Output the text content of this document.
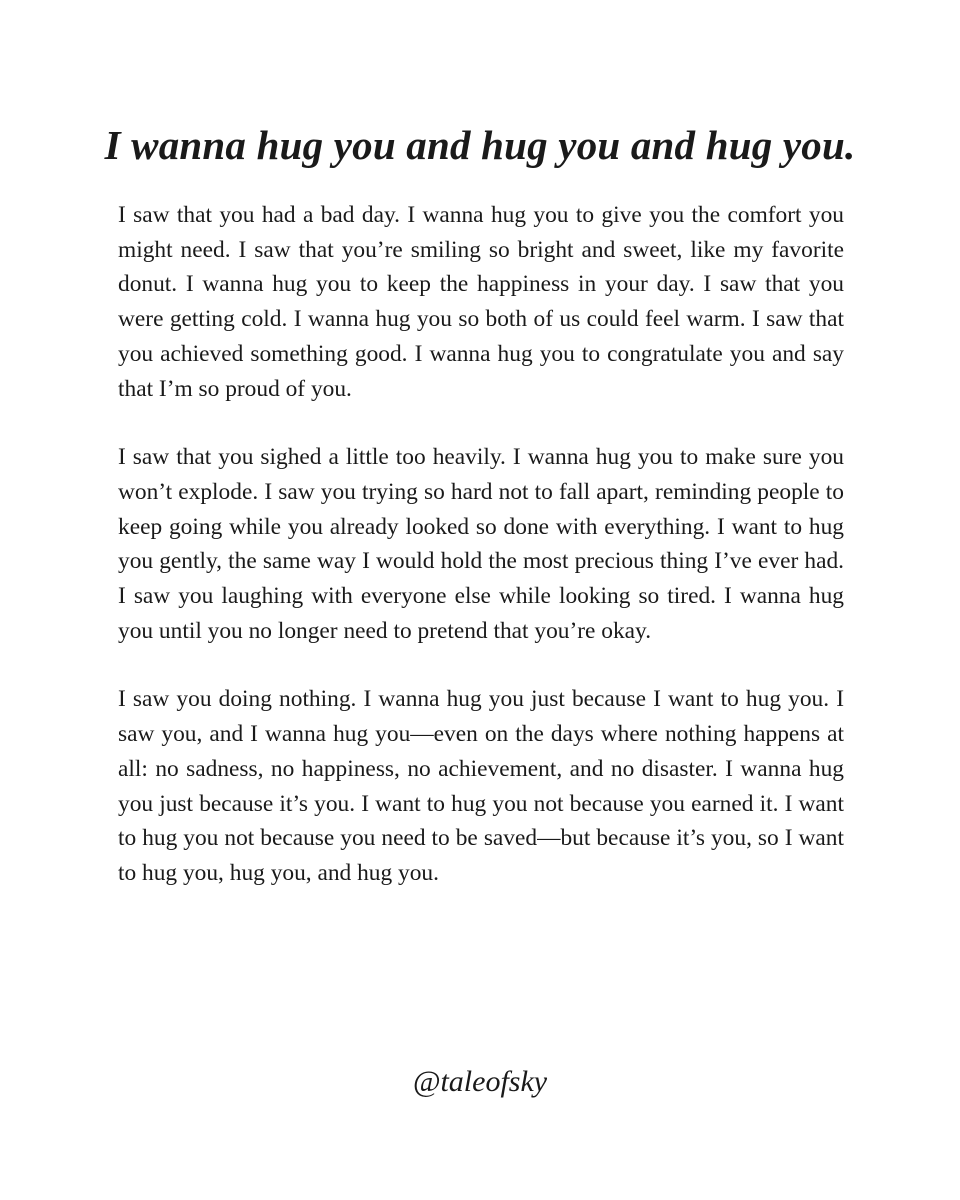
I wanna hug you and hug you and hug you.

I saw that you had a bad day. I wanna hug you to give you the comfort you might need. I saw that you’re smiling so bright and sweet, like my favorite donut. I wanna hug you to keep the happiness in your day. I saw that you were getting cold. I wanna hug you so both of us could feel warm. I saw that you achieved something good. I wanna hug you to congratulate you and say that I’m so proud of you.

I saw that you sighed a little too heavily. I wanna hug you to make sure you won’t explode. I saw you trying so hard not to fall apart, reminding people to keep going while you already looked so done with everything. I want to hug you gently, the same way I would hold the most precious thing I’ve ever had. I saw you laughing with everyone else while looking so tired. I wanna hug you until you no longer need to pretend that you’re okay.

I saw you doing nothing. I wanna hug you just because I want to hug you. I saw you, and I wanna hug you—even on the days where nothing happens at all: no sadness, no happiness, no achievement, and no disaster. I wanna hug you just because it’s you. I want to hug you not because you earned it. I want to hug you not because you need to be saved—but because it’s you, so I want to hug you, hug you, and hug you.

@taleofsky
